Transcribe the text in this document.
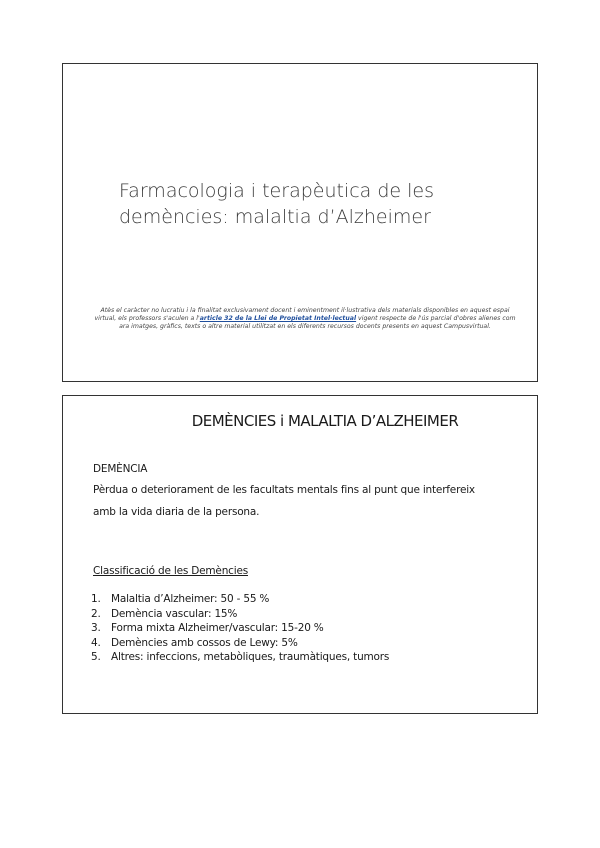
Farmacologia i terapèutica de les
demències: malaltia d’Alzheimer
Atès el caràcter no lucratiu i la finalitat exclusivament docent i eminentment il·lustrativa dels materials disponibles en aquest espai virtual, els professors s'aculen a l'article 32 de la Llei de Propietat Intel·lectual vigent respecte de l'ús parcial d'obres alienes com ara imatges, gràfics, texts o altre material utilitzat en els diferents recursos docents presents en aquest Campusvirtual.
DEMÈNCIES i MALALTIA D’ALZHEIMER
DEMÈNCIA
Pèrdua o deteriorament de les facultats mentals fins al punt que interfereix
amb la vida diaria de la persona.
Classificació de les Demències
1. Malaltia d’Alzheimer: 50 - 55 %
2. Demència vascular: 15%
3. Forma mixta Alzheimer/vascular: 15-20 %
4. Demències amb cossos de Lewy: 5%
5. Altres: infeccions, metabòliques, traumàtiques, tumors
